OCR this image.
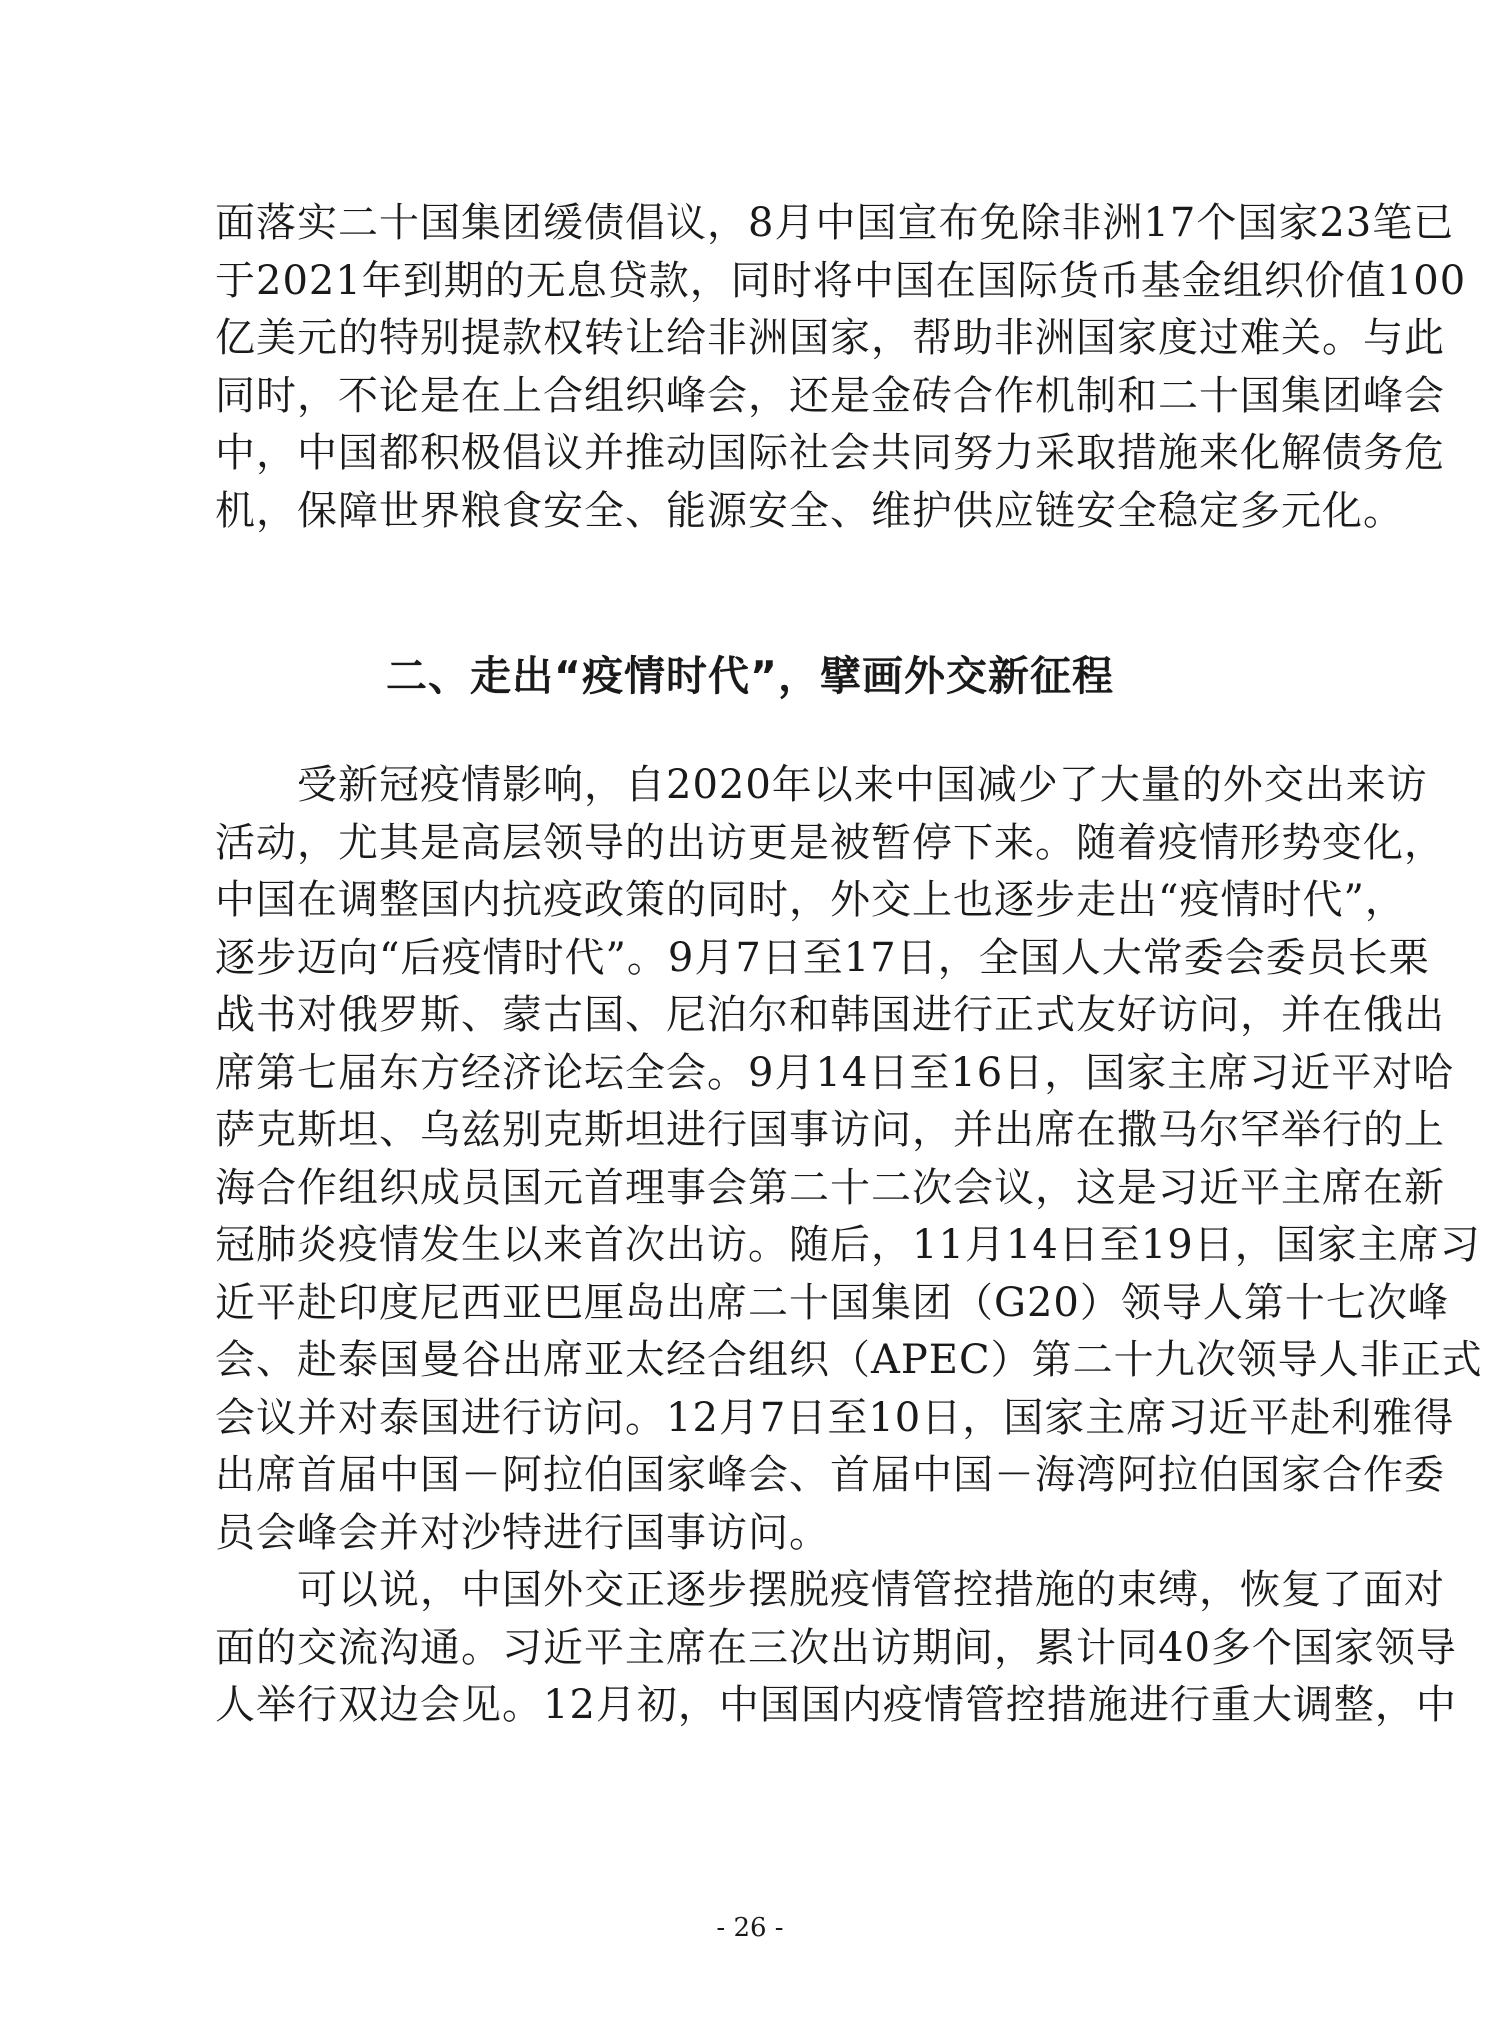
面落实二十国集团缓债倡议，8月中国宣布免除非洲17个国家23笔已
于2021年到期的无息贷款，同时将中国在国际货币基金组织价值100
亿美元的特别提款权转让给非洲国家，帮助非洲国家度过难关。与此
同时，不论是在上合组织峰会，还是金砖合作机制和二十国集团峰会
中，中国都积极倡议并推动国际社会共同努力采取措施来化解债务危
机，保障世界粮食安全、能源安全、维护供应链安全稳定多元化。
二、走出“疫情时代”，擘画外交新征程
　　受新冠疫情影响，自2020年以来中国减少了大量的外交出来访
活动，尤其是高层领导的出访更是被暂停下来。随着疫情形势变化，
中国在调整国内抗疫政策的同时，外交上也逐步走出“疫情时代”，
逐步迈向“后疫情时代”。9月7日至17日，全国人大常委会委员长栗
战书对俄罗斯、蒙古国、尼泊尔和韩国进行正式友好访问，并在俄出
席第七届东方经济论坛全会。9月14日至16日，国家主席习近平对哈
萨克斯坦、乌兹别克斯坦进行国事访问，并出席在撒马尔罕举行的上
海合作组织成员国元首理事会第二十二次会议，这是习近平主席在新
冠肺炎疫情发生以来首次出访。随后，11月14日至19日，国家主席习
近平赴印度尼西亚巴厘岛出席二十国集团（G20）领导人第十七次峰
会、赴泰国曼谷出席亚太经合组织（APEC）第二十九次领导人非正式
会议并对泰国进行访问。12月7日至10日，国家主席习近平赴利雅得
出席首届中国－阿拉伯国家峰会、首届中国－海湾阿拉伯国家合作委
员会峰会并对沙特进行国事访问。
　　可以说，中国外交正逐步摆脱疫情管控措施的束缚，恢复了面对
面的交流沟通。习近平主席在三次出访期间，累计同40多个国家领导
人举行双边会见。12月初，中国国内疫情管控措施进行重大调整，中
- 26 -
